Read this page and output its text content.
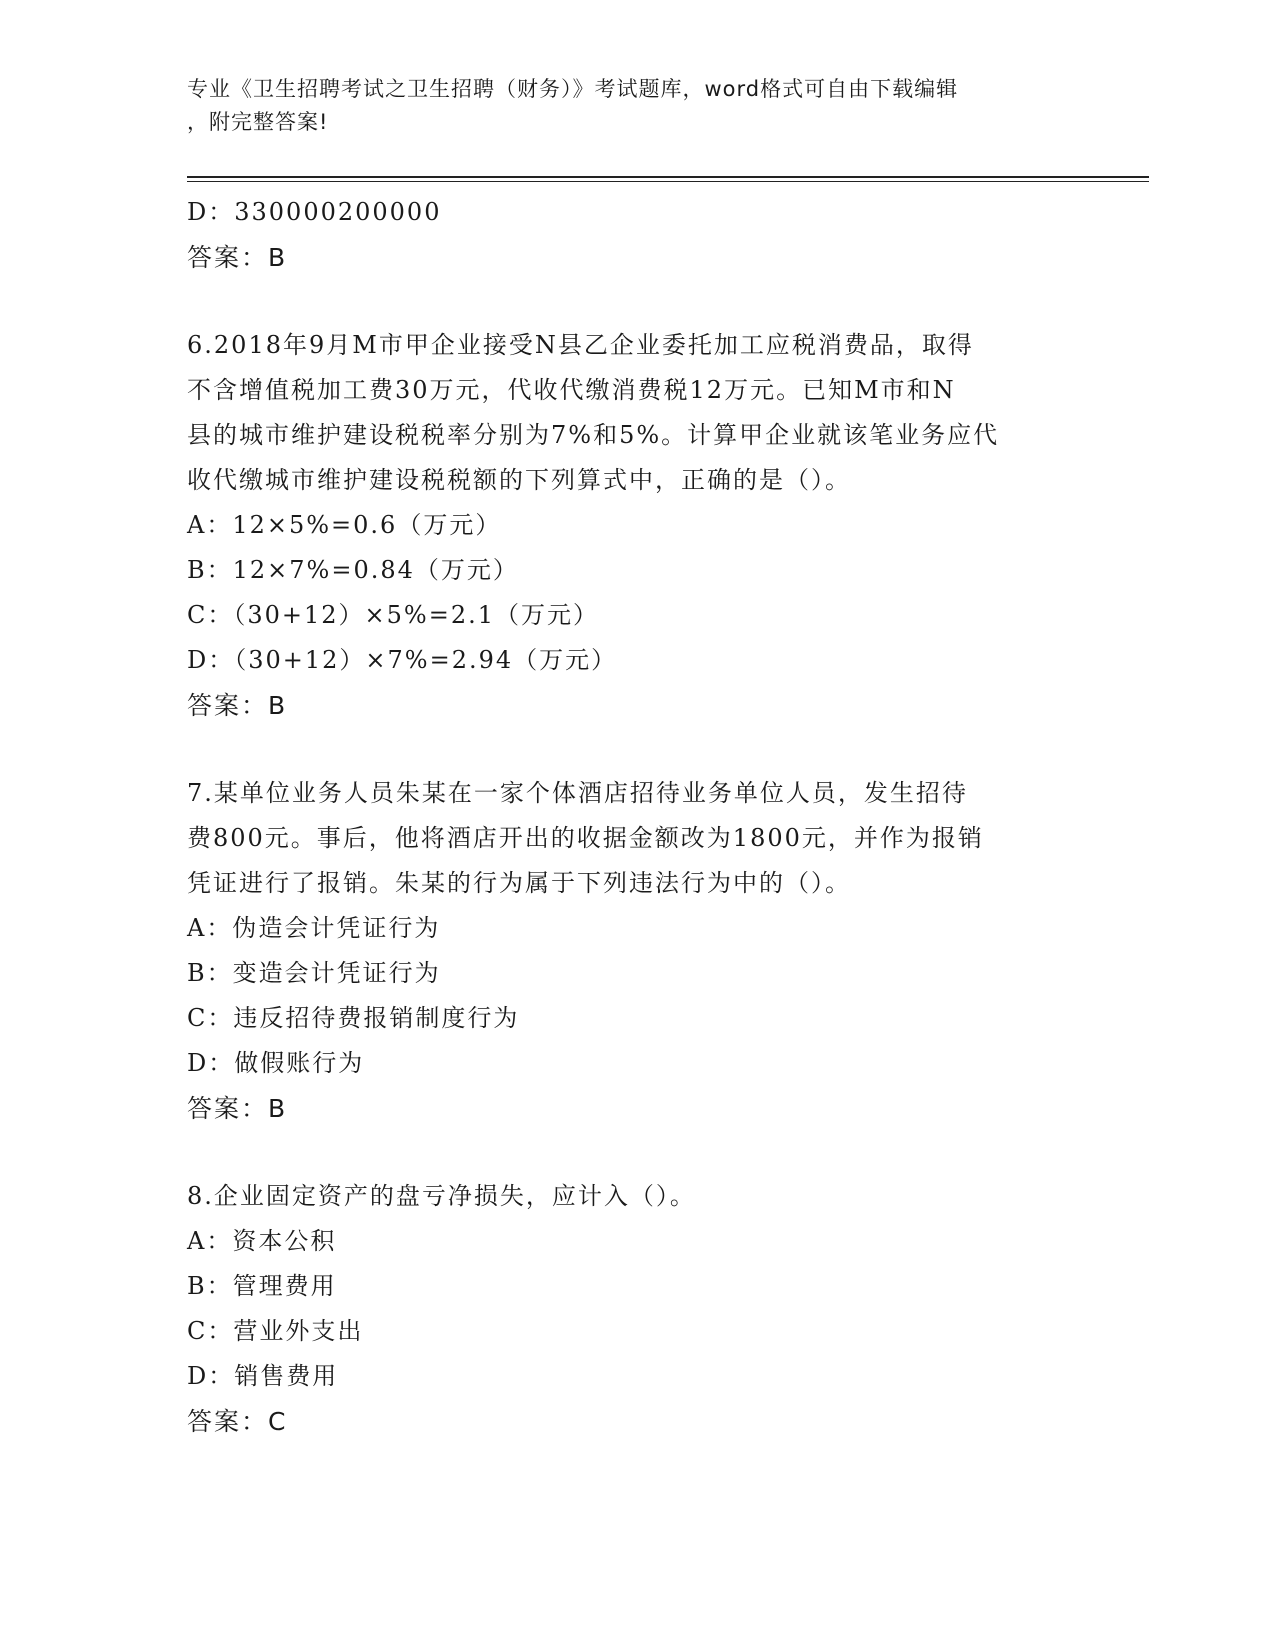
专业《卫生招聘考试之卫生招聘（财务）》考试题库，word格式可自由下载编辑
，附完整答案!
D：330000200000
答案：B
6.2018年9月M市甲企业接受N县乙企业委托加工应税消费品，取得
不含增值税加工费30万元，代收代缴消费税12万元。已知M市和N
县的城市维护建设税税率分别为7%和5%。计算甲企业就该笔业务应代
收代缴城市维护建设税税额的下列算式中，正确的是（）。
A：12×5%=0.6（万元）
B：12×7%=0.84（万元）
C：（30+12）×5%=2.1（万元）
D：（30+12）×7%=2.94（万元）
答案：B
7.某单位业务人员朱某在一家个体酒店招待业务单位人员，发生招待
费800元。事后，他将酒店开出的收据金额改为1800元，并作为报销
凭证进行了报销。朱某的行为属于下列违法行为中的（）。
A：伪造会计凭证行为
B：变造会计凭证行为
C：违反招待费报销制度行为
D：做假账行为
答案：B
8.企业固定资产的盘亏净损失，应计入（）。
A：资本公积
B：管理费用
C：营业外支出
D：销售费用
答案：C
